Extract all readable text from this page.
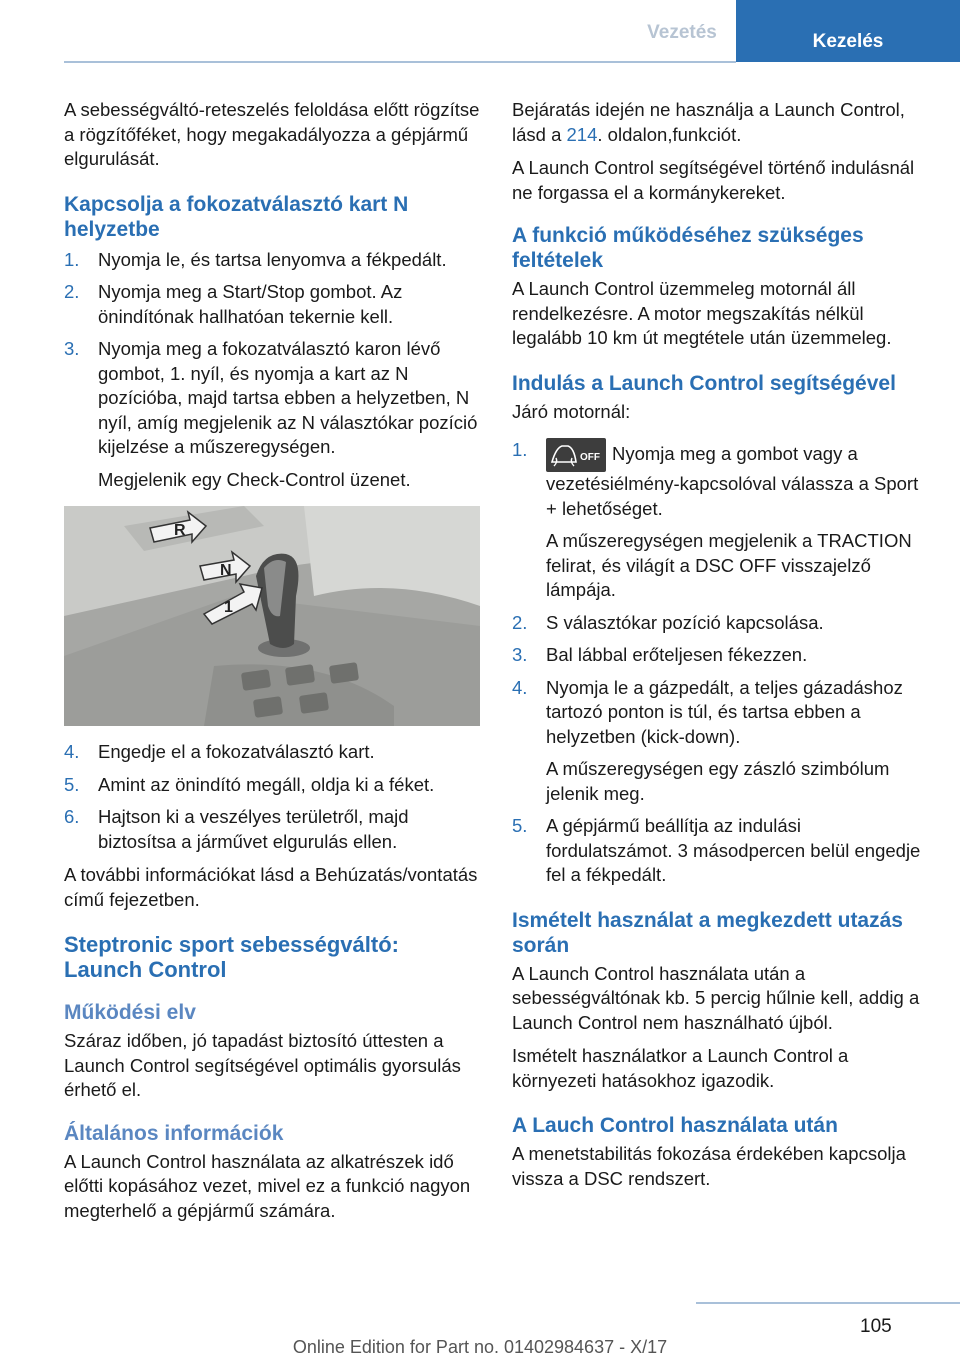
Vezetés	Kezelés

A sebességváltó-reteszelés feloldása előtt rögzítse a rögzítőféket, hogy megakadályozza a gépjármű elgurulását.

Kapcsolja a fokozatválasztó kart N helyzetbe
1. Nyomja le, és tartsa lenyomva a fékpedált.
2. Nyomja meg a Start/Stop gombot. Az önindítónak hallhatóan tekernie kell.
3. Nyomja meg a fokozatválasztó karon lévő gombot, 1. nyíl, és nyomja a kart az N pozícióba, majd tartsa ebben a helyzetben, N nyíl, amíg megjelenik az N választókar pozíció kijelzése a műszeregységen.
Megjelenik egy Check-Control üzenet.
R
N
1
4. Engedje el a fokozatválasztó kart.
5. Amint az önindító megáll, oldja ki a féket.
6. Hajtson ki a veszélyes területről, majd biztosítsa a járművet elgurulás ellen.

A további információkat lásd a Behúzatás/vontatás című fejezetben.

Steptronic sport sebességváltó: Launch Control
Működési elv

Száraz időben, jó tapadást biztosító úttesten a Launch Control segítségével optimális gyorsulás érhető el.

Általános információk

A Launch Control használata az alkatrészek idő előtti kopásához vezet, mivel ez a funkció nagyon megterhelő a gépjármű számára.

Bejáratás idején ne használja a Launch Control, lásd a 214. oldalon,funkciót.

A Launch Control segítségével történő indulásnál ne forgassa el a kormánykereket.

A funkció működéséhez szükséges feltételek

A Launch Control üzemmeleg motornál áll rendelkezésre. A motor megszakítás nélkül legalább 10 km út megtétele után üzemmeleg.

Indulás a Launch Control segítségével

Járó motornál:

1.	OFF Nyomja meg a gombot vagy a vezetésiélmény-kapcsolóval válassza a Sport + lehetőséget.
A műszeregységen megjelenik a TRACTION felirat, és világít a DSC OFF visszajelző lámpája.
2. S választókar pozíció kapcsolása.
3. Bal lábbal erőteljesen fékezzen.
4. Nyomja le a gázpedált, a teljes gázadáshoz tartozó ponton is túl, és tartsa ebben a helyzetben (kick-down).
A műszeregységen egy zászló szimbólum jelenik meg.
5. A gépjármű beállítja az indulási fordulatszámot. 3 másodpercen belül engedje fel a fékpedált.
Ismételt használat a megkezdett utazás során

A Launch Control használata után a sebességváltónak kb. 5 percig hűlnie kell, addig a Launch Control nem használható újból.

Ismételt használatkor a Launch Control a környezeti hatásokhoz igazodik.

A Lauch Control használata után

A menetstabilitás fokozása érdekében kapcsolja vissza a DSC rendszert.

105
Online Edition for Part no. 01402984637 - X/17
